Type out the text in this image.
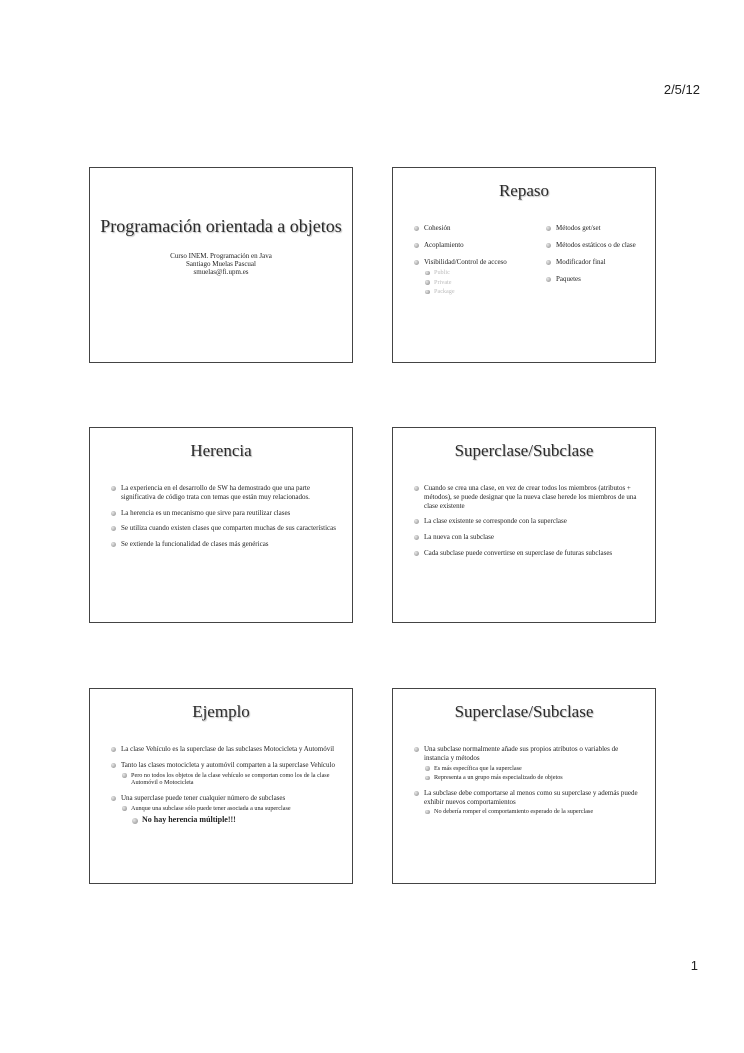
2/5/12
Programación orientada a objetos
Curso INEM. Programación en Java
Santiago Muelas Pascual
smuelas@fi.upm.es
Repaso
Cohesión
Acoplamiento
Visibilidad/Control de acceso
Public
Private
Package
Métodos get/set
Métodos estáticos o de clase
Modificador final
Paquetes
Herencia
La experiencia en el desarrollo de SW ha demostrado que una parte significativa de código trata con temas que están muy relacionados.
La herencia es un mecanismo que sirve para reutilizar clases
Se utiliza cuando existen clases que comparten muchas de sus características
Se extiende la funcionalidad de clases más genéricas
Superclase/Subclase
Cuando se crea una clase, en vez de crear todos los miembros (atributos + métodos), se puede designar que la nueva clase herede los miembros de una clase existente
La clase existente se corresponde con la superclase
La nueva con la subclase
Cada subclase puede convertirse en superclase de futuras subclases
Ejemplo
La clase Vehículo es la superclase de las subclases Motocicleta y Automóvil
Tanto las clases motocicleta y automóvil comparten a la superclase Vehículo
Pero no todos los objetos de la clase vehículo se comportan como los de la clase Automóvil o Motocicleta
Una superclase puede tener cualquier número de subclases
Aunque una subclase sólo puede tener asociada a una superclase
No hay herencia múltiple!!!
Superclase/Subclase
Una subclase normalmente añade sus propios atributos o variables de instancia y métodos
Es más específica que la superclase
Representa a un grupo más especializado de objetos
La subclase debe comportarse al menos como su superclase y además puede exhibir nuevos comportamientos
No debería romper el comportamiento esperado de la superclase
1
